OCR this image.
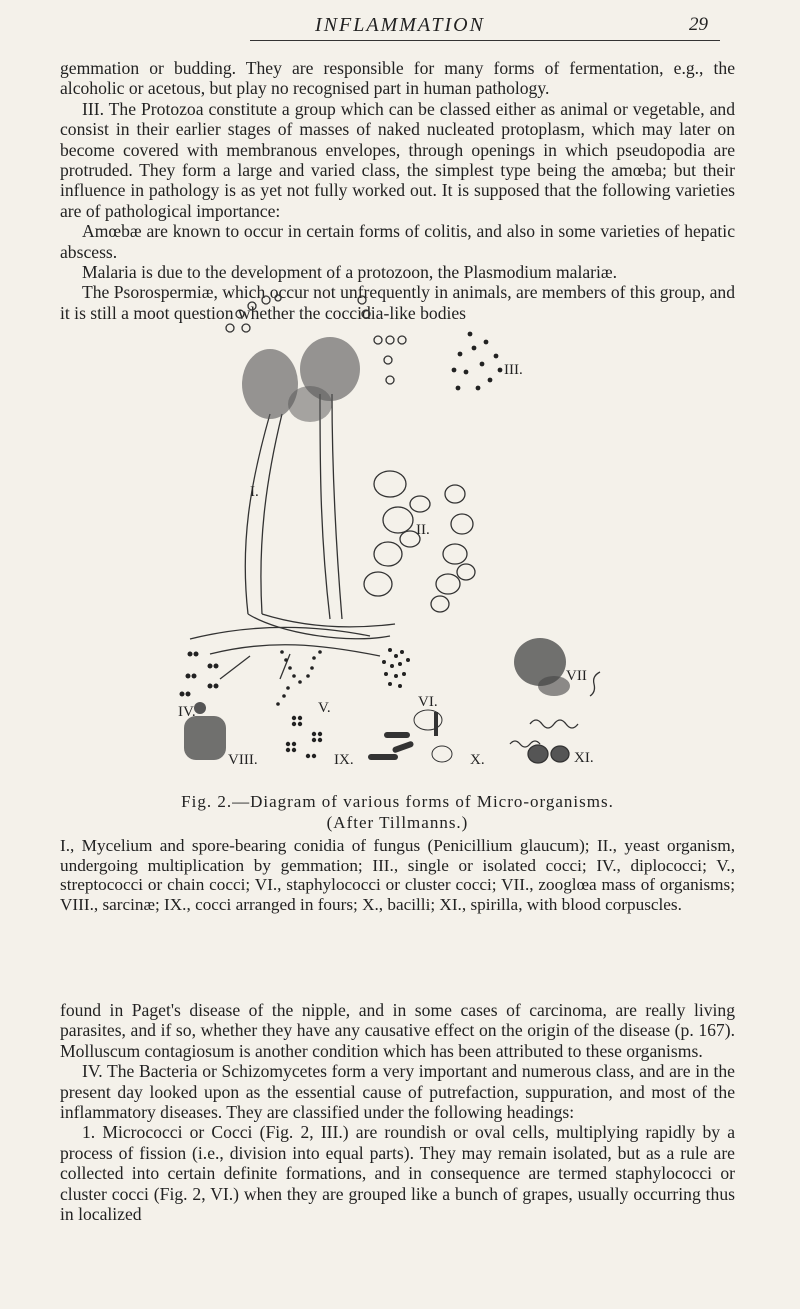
INFLAMMATION	29

gemmation or budding. They are responsible for many forms of fermentation, e.g., the alcoholic or acetous, but play no recognised part in human pathology.

III. The Protozoa constitute a group which can be classed either as animal or vegetable, and consist in their earlier stages of masses of naked nucleated protoplasm, which may later on become covered with membranous envelopes, through openings in which pseudopodia are protruded. They form a large and varied class, the simplest type being the amœba; but their influence in pathology is as yet not fully worked out. It is supposed that the following varieties are of pathological importance:

Amœbæ are known to occur in certain forms of colitis, and also in some varieties of hepatic abscess.

Malaria is due to the development of a protozoon, the Plasmodium malariæ.

The Psorospermiæ, which occur not unfrequently in animals, are members of this group, and it is still a moot question whether the coccidia-like bodies

I.
II.
III.
IV.	V.	VI.
VII
VIII.	IX.	X.	XI.
Fig. 2.—Diagram of various forms of Micro-organisms.
(After Tillmanns.)
I., Mycelium and spore-bearing conidia of fungus (Penicillium glaucum); II., yeast organism, undergoing multiplication by gemmation; III., single or isolated cocci; IV., diplococci; V., streptococci or chain cocci; VI., staphylococci or cluster cocci; VII., zooglœa mass of organisms; VIII., sarcinæ; IX., cocci arranged in fours; X., bacilli; XI., spirilla, with blood corpuscles.

found in Paget's disease of the nipple, and in some cases of carcinoma, are really living parasites, and if so, whether they have any causative effect on the origin of the disease (p. 167). Molluscum contagiosum is another condition which has been attributed to these organisms.

IV. The Bacteria or Schizomycetes form a very important and numerous class, and are in the present day looked upon as the essential cause of putrefaction, suppuration, and most of the inflammatory diseases. They are classified under the following headings:

1. Micrococci or Cocci (Fig. 2, III.) are roundish or oval cells, multiplying rapidly by a process of fission (i.e., division into equal parts). They may remain isolated, but as a rule are collected into certain definite formations, and in consequence are termed staphylococci or cluster cocci (Fig. 2, VI.) when they are grouped like a bunch of grapes, usually occurring thus in localized
